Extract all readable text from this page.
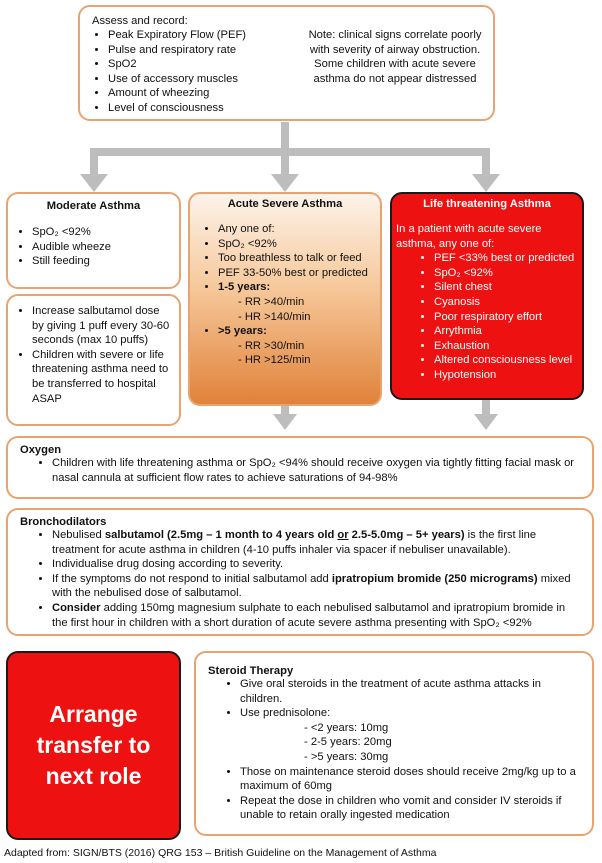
Assess and record:
• Peak Expiratory Flow (PEF)
• Pulse and respiratory rate
• SpO2
• Use of accessory muscles
• Amount of wheezing
• Level of consciousness
Note: clinical signs correlate poorly with severity of airway obstruction. Some children with acute severe asthma do not appear distressed
Moderate Asthma
• SpO₂ <92%
• Audible wheeze
• Still feeding
• Increase salbutamol dose by giving 1 puff every 30-60 seconds (max 10 puffs)
• Children with severe or life threatening asthma need to be transferred to hospital ASAP
Acute Severe Asthma
• Any one of:
• SpO₂ <92%
• Too breathless to talk or feed
• PEF 33-50% best or predicted
• 1-5 years:
- RR >40/min
- HR >140/min
• >5 years:
- RR >30/min
- HR >125/min
Life threatening Asthma
In a patient with acute severe asthma, any one of:
• PEF <33% best or predicted
• SpO₂ <92%
• Silent chest
• Cyanosis
• Poor respiratory effort
• Arrythmia
• Exhaustion
• Altered consciousness level
• Hypotension
Oxygen
• Children with life threatening asthma or SpO₂ <94% should receive oxygen via tightly fitting facial mask or nasal cannula at sufficient flow rates to achieve saturations of 94-98%
Bronchodilators
• Nebulised salbutamol (2.5mg – 1 month to 4 years old or 2.5-5.0mg – 5+ years) is the first line treatment for acute asthma in children (4-10 puffs inhaler via spacer if nebuliser unavailable).
• Individualise drug dosing according to severity.
• If the symptoms do not respond to initial salbutamol add ipratropium bromide (250 micrograms) mixed with the nebulised dose of salbutamol.
• Consider adding 150mg magnesium sulphate to each nebulised salbutamol and ipratropium bromide in the first hour in children with a short duration of acute severe asthma presenting with SpO₂ <92%
Arrange transfer to next role
Steroid Therapy
• Give oral steroids in the treatment of acute asthma attacks in children.
• Use prednisolone:
- <2 years: 10mg
- 2-5 years: 20mg
- >5 years: 30mg
• Those on maintenance steroid doses should receive 2mg/kg up to a maximum of 60mg
• Repeat the dose in children who vomit and consider IV steroids if unable to retain orally ingested medication
Adapted from: SIGN/BTS (2016) QRG 153 – British Guideline on the Management of Asthma
